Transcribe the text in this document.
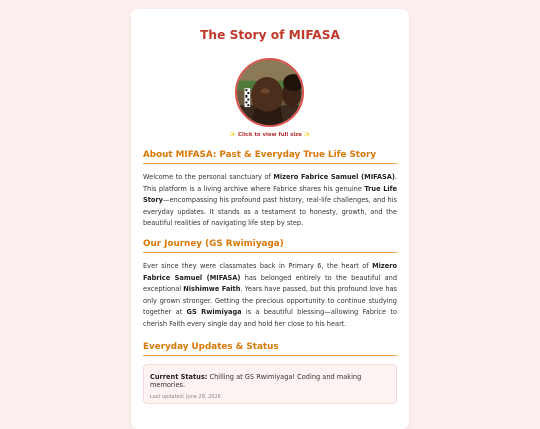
The Story of MIFASA
✨ Click to view full size ✨
About MIFASA: Past & Everyday True Life Story

Welcome to the personal sanctuary of Mizero Fabrice Samuel (MIFASA). This platform is a living archive where Fabrice shares his genuine True Life Story—encompassing his profound past history, real-life challenges, and his everyday updates. It stands as a testament to honesty, growth, and the beautiful realities of navigating life step by step.

Our Journey (GS Rwimiyaga)

Ever since they were classmates back in Primary 6, the heart of Mizero Fabrice Samuel (MIFASA) has belonged entirely to the beautiful and exceptional Nishimwe Faith. Years have passed, but this profound love has only grown stronger. Getting the precious opportunity to continue studying together at GS Rwimiyaga is a beautiful blessing—allowing Fabrice to cherish Faith every single day and hold her close to his heart.

Everyday Updates & Status
Current Status: Chilling at GS Rwimiyaga! Coding and making memories.
Last updated: June 28, 2026
